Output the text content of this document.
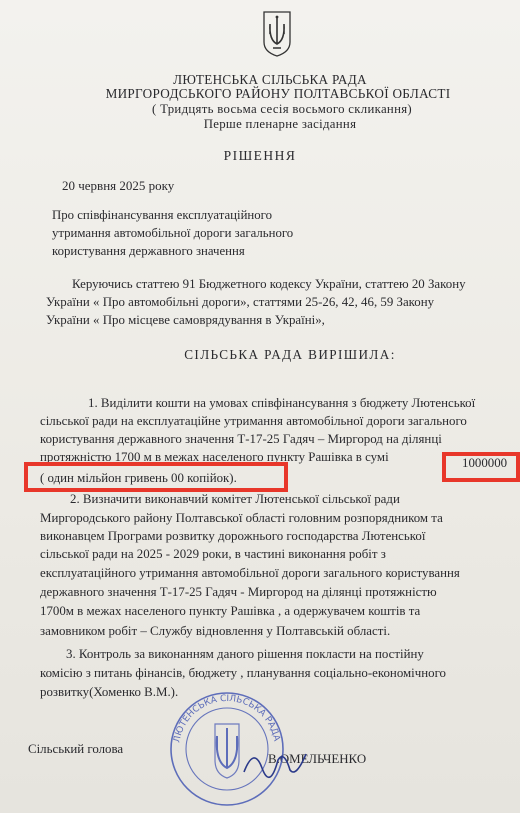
ЛЮТЕНСЬКА СІЛЬСЬКА РАДА
МИРГОРОДСЬКОГО РАЙОНУ ПОЛТАВСЬКОЇ ОБЛАСТІ
( Тридцять восьма сесія восьмого скликання)
Перше пленарне засідання
РІШЕННЯ
20 червня 2025 року
Про співфінансування експлуатаційного
утримання автомобільної дороги загального
користування державного значення
Керуючись статтею 91 Бюджетного кодексу України, статтею 20 Закону
України « Про автомобільні дороги», статтями 25-26, 42, 46, 59 Закону
України « Про місцеве самоврядування в Україні»,
СІЛЬСЬКА РАДА ВИРІШИЛА:
1. Виділити кошти на умовах співфінансування з бюджету Лютенської
сільської ради на експлуатаційне утримання автомобільної дороги загального
користування державного значення Т-17-25 Гадяч – Миргород на ділянці
протяжністю 1700 м в межах населеного пункту Рашівка в сумі	1000000
( один мільйон гривень 00 копійок).
2. Визначити виконавчий комітет Лютенської сільської ради
Миргородського району Полтавської області головним розпорядником та
виконавцем Програми розвитку дорожнього господарства Лютенської
сільської ради на 2025 - 2029 роки, в частині виконання робіт з
експлуатаційного утримання автомобільної дороги загального користування
державного значення Т-17-25 Гадяч - Миргород на ділянці протяжністю
1700м в межах населеного пункту Рашівка , а одержувачем коштів та
замовником робіт – Службу відновлення у Полтавській області.
3. Контроль за виконанням даного рішення покласти на постійну
комісію з питань фінансів, бюджету , планування соціально-економічного
розвитку(Хоменко В.М.).
Сільський голова
В.ОМЕЛЬЧЕНКО
ЛЮТЕНСЬКА СІЛЬСЬКА РАДА
